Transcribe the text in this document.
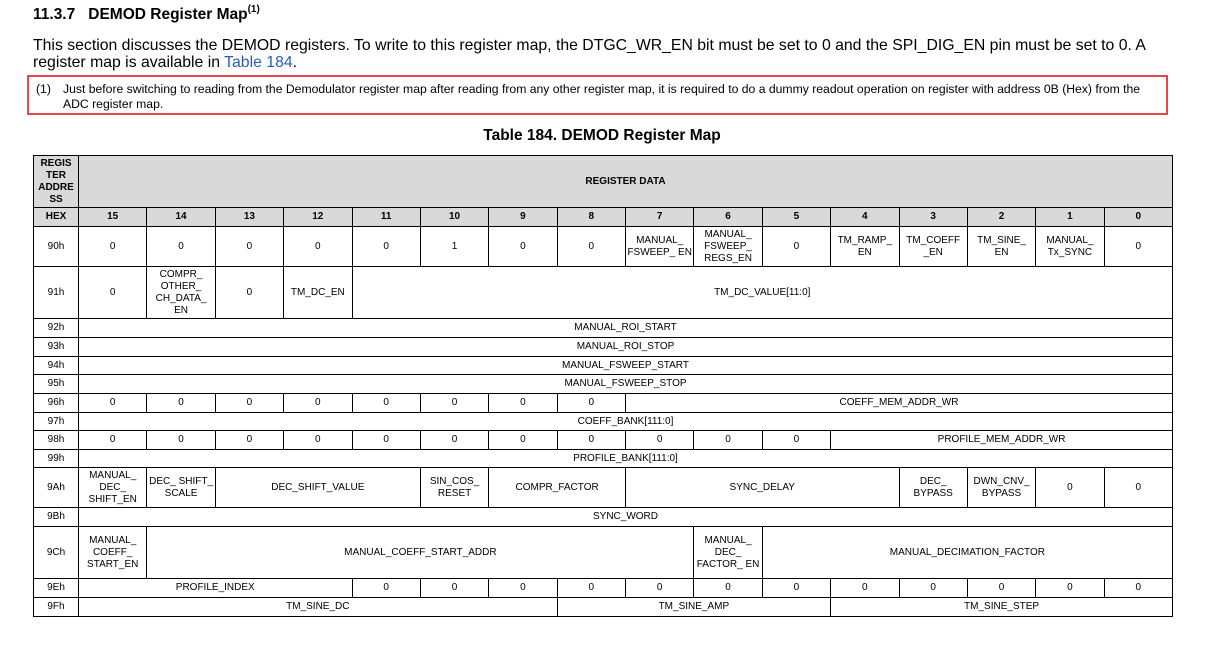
11.3.7 DEMOD Register Map$^{(1)}$
This section discusses the DEMOD registers. To write to this register map, the DTGC_WR_EN bit must be set to 0 and the SPI_DIG_EN pin must be set to 0. A register map is available in Table 184.
(1) Just before switching to reading from the Demodulator register map after reading from any other register map, it is required to do a dummy readout operation on register with address 0B (Hex) from the ADC register map.
Table 184. DEMOD Register Map
REGIS TER ADDRE SS	REGISTER DATA															
HEX	15	14	13	12	11	10	9	8	7	6	5	4	3	2	1	0
90h	0	0	0	0	0	1	0	0	MANUAL_ FSWEEP_ EN	MANUAL_ FSWEEP_ REGS_EN	0	TM_RAMP_ EN	TM_COEFF _EN	TM_SINE_ EN	MANUAL_ Tx_SYNC	0
91h	0	COMPR_ OTHER_ CH_DATA_ EN	0	TM_DC_EN	TM_DC_VALUE[11:0]											
92h	MANUAL_ROI_START															
93h	MANUAL_ROI_STOP															
94h	MANUAL_FSWEEP_START															
95h	MANUAL_FSWEEP_STOP															
96h	0	0	0	0	0	0	0	0	COEFF_MEM_ADDR_WR							
97h	COEFF_BANK[111:0]															
98h	0	0	0	0	0	0	0	0	0	0	0	PROFILE_MEM_ADDR_WR				
99h	PROFILE_BANK[111:0]															
9Ah	MANUAL_ DEC_ SHIFT_EN	DEC_ SHIFT_ SCALE	DEC_SHIFT_VALUE			SIN_COS_ RESET	COMPR_FACTOR		SYNC_DELAY				DEC_ BYPASS	DWN_CNV_ BYPASS	0	0
9Bh	SYNC_WORD															
9Ch	MANUAL_ COEFF_ START_EN	MANUAL_COEFF_START_ADDR								MANUAL_ DEC_ FACTOR_ EN	MANUAL_DECIMATION_FACTOR					
9Eh	PROFILE_INDEX				0	0	0	0	0	0	0	0	0	0	0	0
9Fh	TM_SINE_DC							TM_SINE_AMP				TM_SINE_STEP				
